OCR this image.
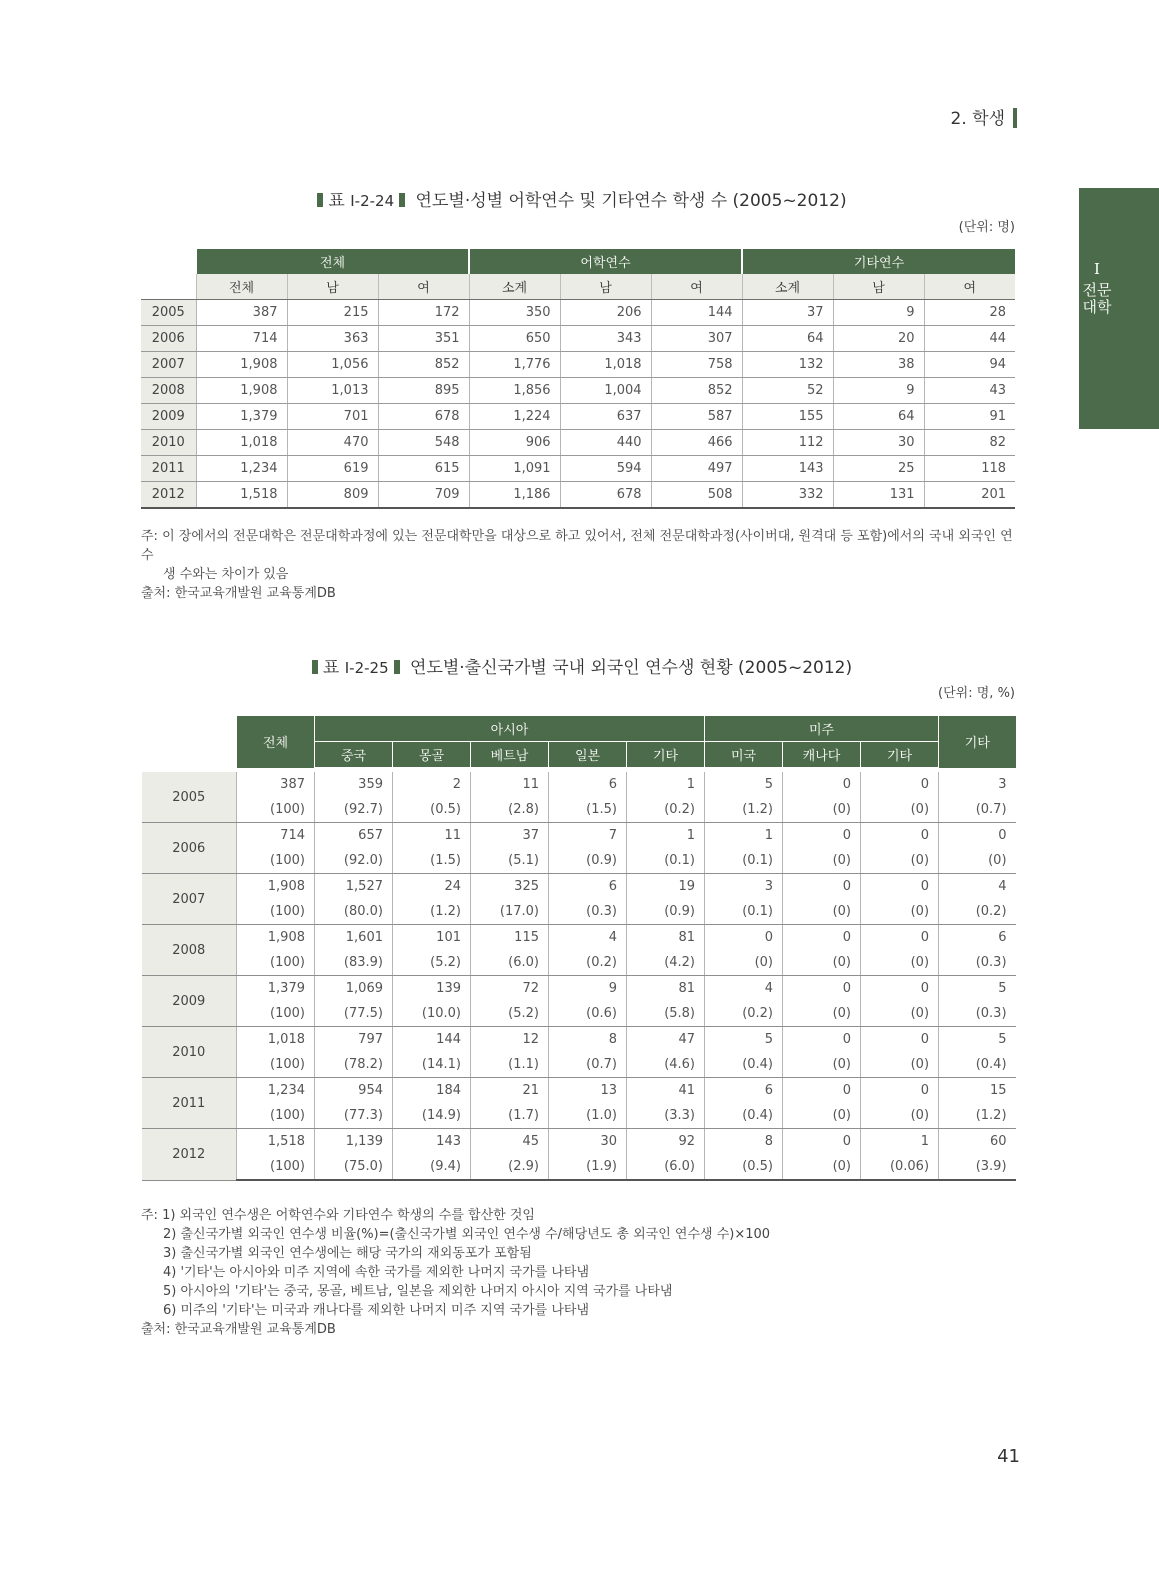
2. 학생
I
전문대학
표 Ⅰ-2-24 연도별·성별 어학연수 및 기타연수 학생 수 (2005~2012)
(단위: 명)
	전체			어학연수			기타연수		
	전체	남	여	소계	남	여	소계	남	여
2005	387	215	172	350	206	144	37	9	28
2006	714	363	351	650	343	307	64	20	44
2007	1,908	1,056	852	1,776	1,018	758	132	38	94
2008	1,908	1,013	895	1,856	1,004	852	52	9	43
2009	1,379	701	678	1,224	637	587	155	64	91
2010	1,018	470	548	906	440	466	112	30	82
2011	1,234	619	615	1,091	594	497	143	25	118
2012	1,518	809	709	1,186	678	508	332	131	201
주: 이 장에서의 전문대학은 전문대학과정에 있는 전문대학만을 대상으로 하고 있어서, 전체 전문대학과정(사이버대, 원격대 등 포함)에서의 국내 외국인 연수
생 수와는 차이가 있음
출처: 한국교육개발원 교육통계DB
표 Ⅰ-2-25 연도별·출신국가별 국내 외국인 연수생 현황 (2005~2012)
(단위: 명, %)
	전체	아시아					미주			기타
		중국	몽골	베트남	일본	기타	미국	캐나다	기타	

2005	387	359	2	11	6	1	5	0	0	3
	(100)	(92.7)	(0.5)	(2.8)	(1.5)	(0.2)	(1.2)	(0)	(0)	(0.7)
2006	714	657	11	37	7	1	1	0	0	0
	(100)	(92.0)	(1.5)	(5.1)	(0.9)	(0.1)	(0.1)	(0)	(0)	(0)
2007	1,908	1,527	24	325	6	19	3	0	0	4
	(100)	(80.0)	(1.2)	(17.0)	(0.3)	(0.9)	(0.1)	(0)	(0)	(0.2)
2008	1,908	1,601	101	115	4	81	0	0	0	6
	(100)	(83.9)	(5.2)	(6.0)	(0.2)	(4.2)	(0)	(0)	(0)	(0.3)
2009	1,379	1,069	139	72	9	81	4	0	0	5
	(100)	(77.5)	(10.0)	(5.2)	(0.6)	(5.8)	(0.2)	(0)	(0)	(0.3)
2010	1,018	797	144	12	8	47	5	0	0	5
	(100)	(78.2)	(14.1)	(1.1)	(0.7)	(4.6)	(0.4)	(0)	(0)	(0.4)
2011	1,234	954	184	21	13	41	6	0	0	15
	(100)	(77.3)	(14.9)	(1.7)	(1.0)	(3.3)	(0.4)	(0)	(0)	(1.2)
2012	1,518	1,139	143	45	30	92	8	0	1	60
	(100)	(75.0)	(9.4)	(2.9)	(1.9)	(6.0)	(0.5)	(0)	(0.06)	(3.9)
주: 1) 외국인 연수생은 어학연수와 기타연수 학생의 수를 합산한 것임
2) 출신국가별 외국인 연수생 비율(%)=(출신국가별 외국인 연수생 수/해당년도 총 외국인 연수생 수)×100
3) 출신국가별 외국인 연수생에는 해당 국가의 재외동포가 포함됨
4) '기타'는 아시아와 미주 지역에 속한 국가를 제외한 나머지 국가를 나타냄
5) 아시아의 '기타'는 중국, 몽골, 베트남, 일본을 제외한 나머지 아시아 지역 국가를 나타냄
6) 미주의 '기타'는 미국과 캐나다를 제외한 나머지 미주 지역 국가를 나타냄
출처: 한국교육개발원 교육통계DB
41
